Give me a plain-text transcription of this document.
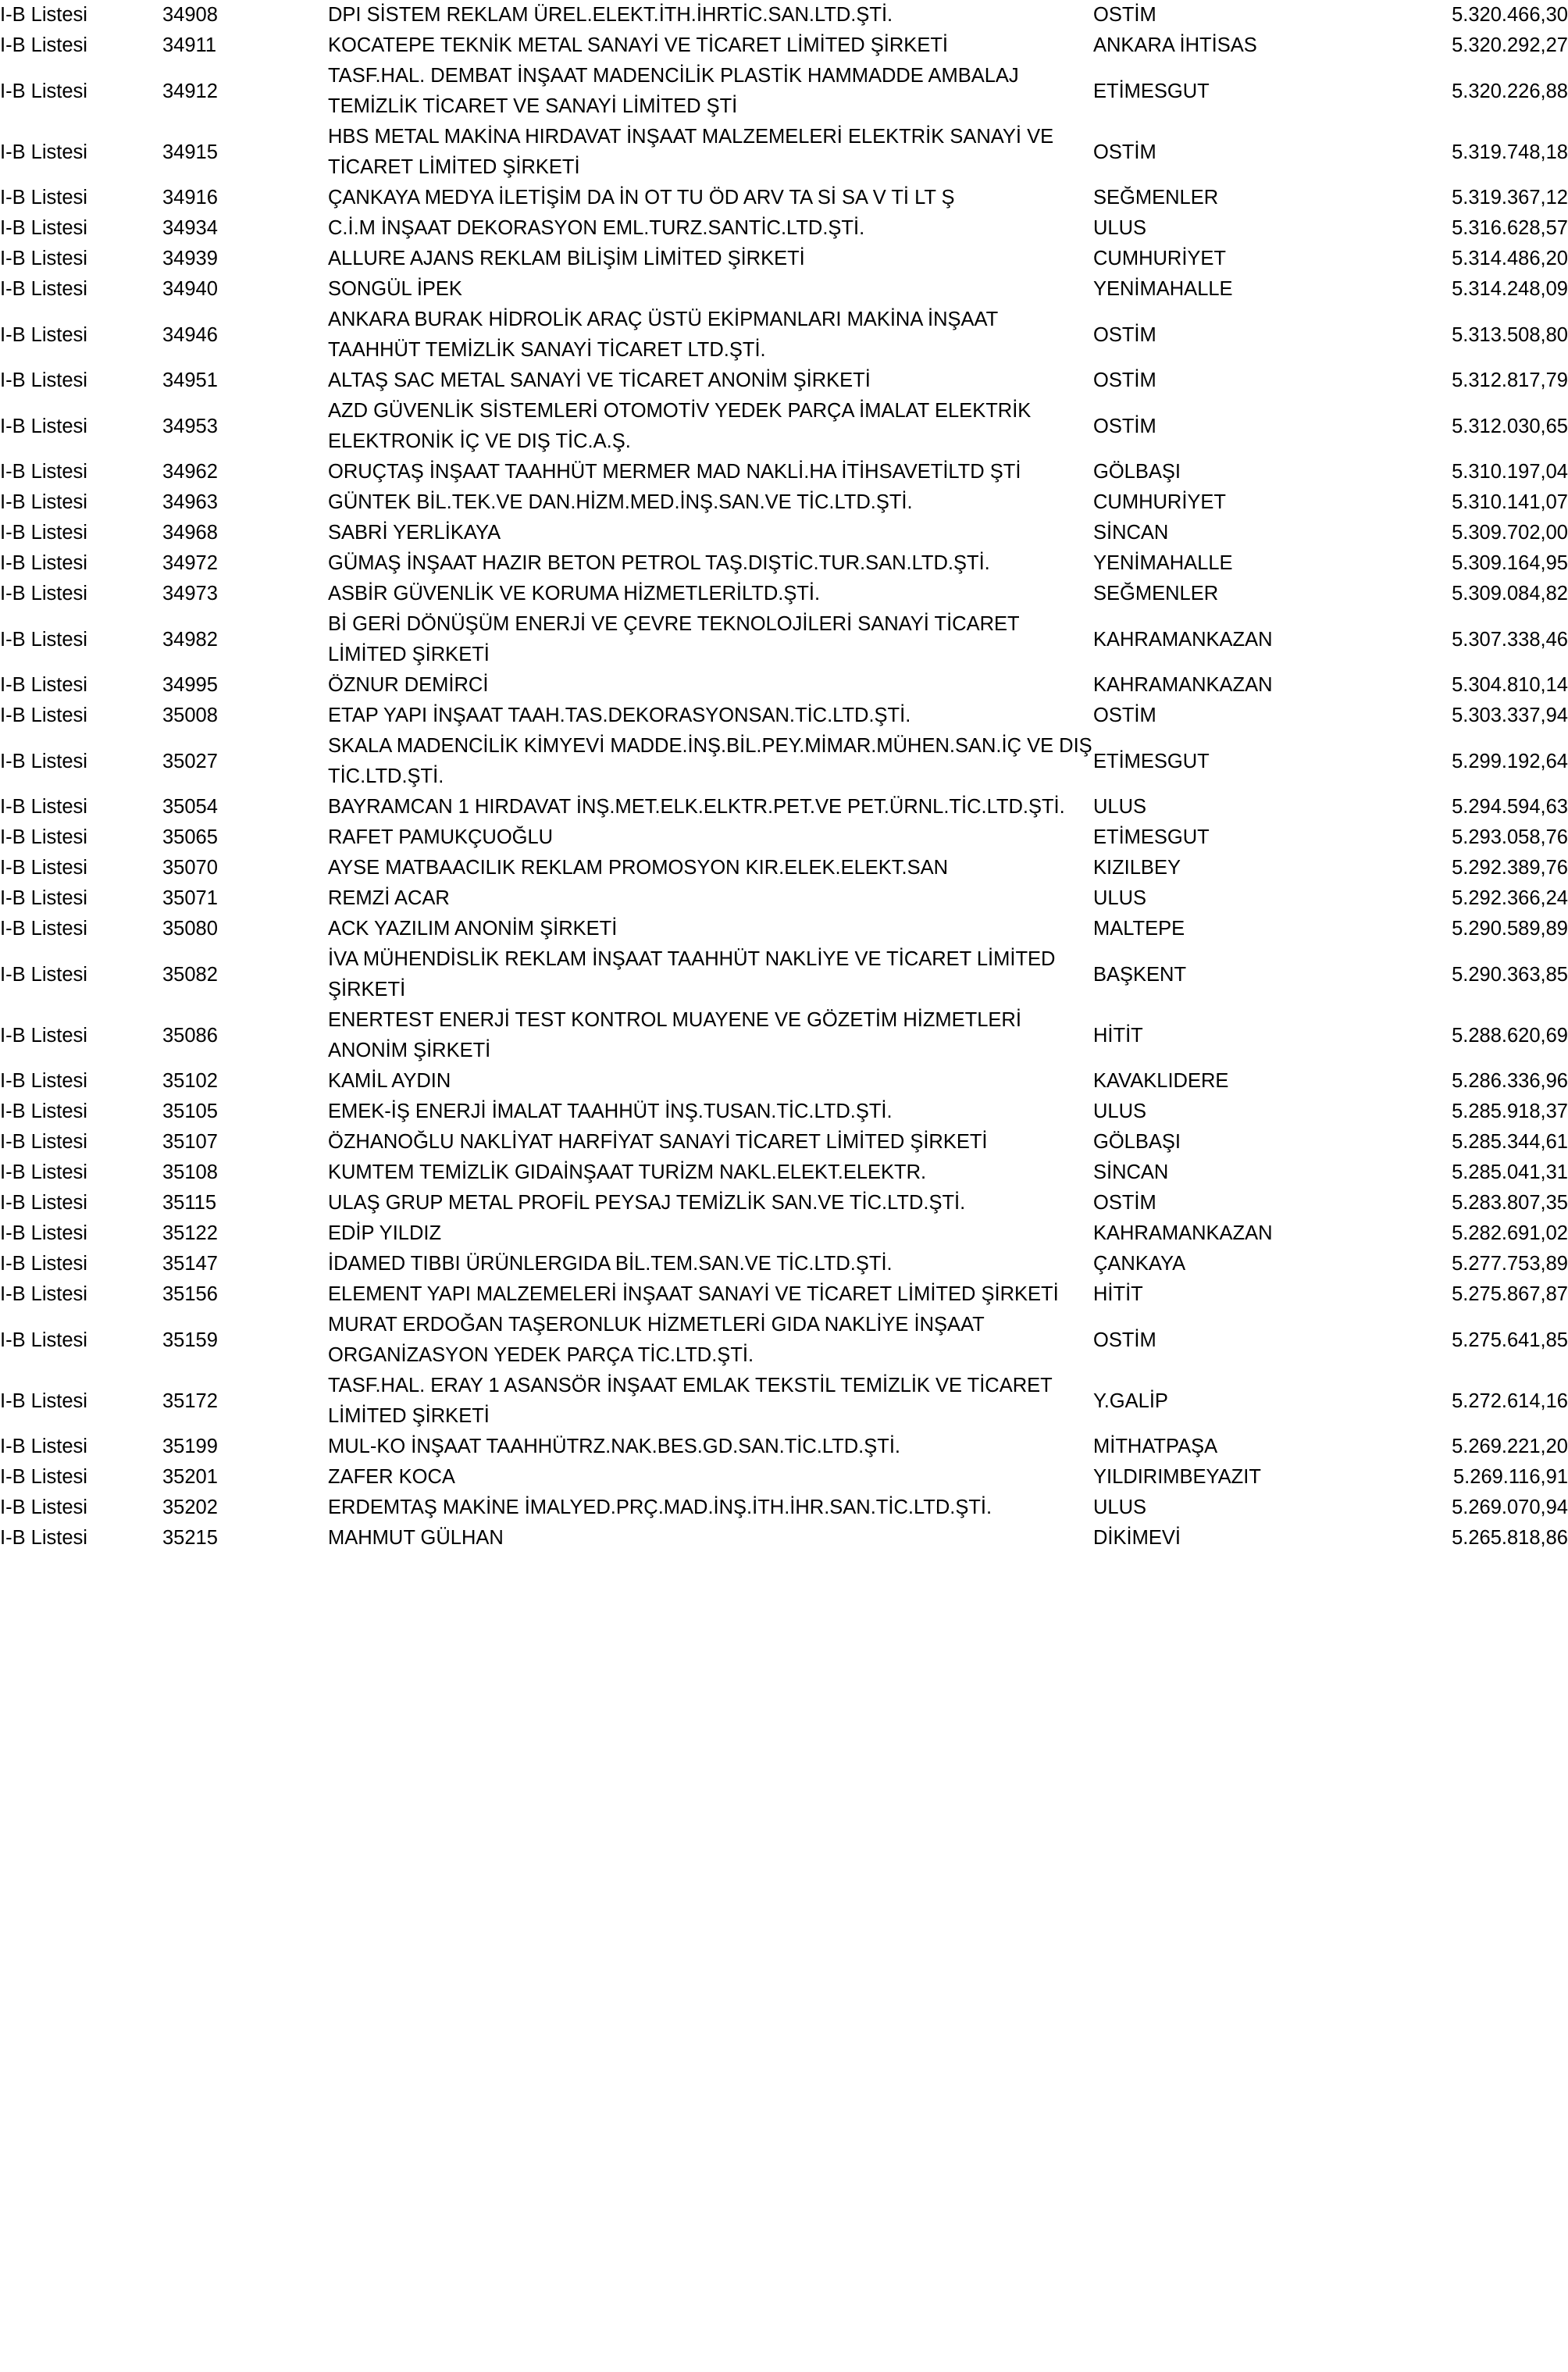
I-B Listesi	34908	DPI SİSTEM REKLAM ÜREL.ELEKT.İTH.İHRTİC.SAN.LTD.ŞTİ.	OSTİM	5.320.466,30
I-B Listesi	34911	KOCATEPE TEKNİK METAL SANAYİ VE TİCARET LİMİTED ŞİRKETİ	ANKARA İHTİSAS	5.320.292,27
I-B Listesi	34912	TASF.HAL. DEMBAT İNŞAAT MADENCİLİK PLASTİK HAMMADDE AMBALAJ TEMİZLİK TİCARET VE SANAYİ LİMİTED ŞTİ	ETİMESGUT	5.320.226,88
I-B Listesi	34915	HBS METAL MAKİNA HIRDAVAT İNŞAAT MALZEMELERİ ELEKTRİK SANAYİ VE TİCARET LİMİTED ŞİRKETİ	OSTİM	5.319.748,18
I-B Listesi	34916	ÇANKAYA MEDYA İLETİŞİM DA İN OT TU ÖD ARV TA Sİ SA V Tİ LT Ş	SEĞMENLER	5.319.367,12
I-B Listesi	34934	C.İ.M İNŞAAT DEKORASYON EML.TURZ.SANTİC.LTD.ŞTİ.	ULUS	5.316.628,57
I-B Listesi	34939	ALLURE AJANS REKLAM BİLİŞİM LİMİTED ŞİRKETİ	CUMHURİYET	5.314.486,20
I-B Listesi	34940	SONGÜL İPEK	YENİMAHALLE	5.314.248,09
I-B Listesi	34946	ANKARA BURAK HİDROLİK ARAÇ ÜSTÜ EKİPMANLARI MAKİNA İNŞAAT TAAHHÜT TEMİZLİK SANAYİ TİCARET LTD.ŞTİ.	OSTİM	5.313.508,80
I-B Listesi	34951	ALTAŞ SAC METAL SANAYİ VE TİCARET ANONİM ŞİRKETİ	OSTİM	5.312.817,79
I-B Listesi	34953	AZD GÜVENLİK SİSTEMLERİ OTOMOTİV YEDEK PARÇA İMALAT ELEKTRİK ELEKTRONİK İÇ VE DIŞ TİC.A.Ş.	OSTİM	5.312.030,65
I-B Listesi	34962	ORUÇTAŞ İNŞAAT TAAHHÜT MERMER MAD NAKLİ.HA İTİHSAVETİLTD ŞTİ	GÖLBAŞI	5.310.197,04
I-B Listesi	34963	GÜNTEK BİL.TEK.VE DAN.HİZM.MED.İNŞ.SAN.VE TİC.LTD.ŞTİ.	CUMHURİYET	5.310.141,07
I-B Listesi	34968	SABRİ YERLİKAYA	SİNCAN	5.309.702,00
I-B Listesi	34972	GÜMAŞ İNŞAAT HAZIR BETON PETROL TAŞ.DIŞTİC.TUR.SAN.LTD.ŞTİ.	YENİMAHALLE	5.309.164,95
I-B Listesi	34973	ASBİR GÜVENLİK VE KORUMA HİZMETLERİLTD.ŞTİ.	SEĞMENLER	5.309.084,82
I-B Listesi	34982	Bİ GERİ DÖNÜŞÜM ENERJİ VE ÇEVRE TEKNOLOJİLERİ SANAYİ TİCARET LİMİTED ŞİRKETİ	KAHRAMANKAZAN	5.307.338,46
I-B Listesi	34995	ÖZNUR DEMİRCİ	KAHRAMANKAZAN	5.304.810,14
I-B Listesi	35008	ETAP YAPI İNŞAAT TAAH.TAS.DEKORASYONSAN.TİC.LTD.ŞTİ.	OSTİM	5.303.337,94
I-B Listesi	35027	SKALA MADENCİLİK KİMYEVİ MADDE.İNŞ.BİL.PEY.MİMAR.MÜHEN.SAN.İÇ VE DIŞ TİC.LTD.ŞTİ.	ETİMESGUT	5.299.192,64
I-B Listesi	35054	BAYRAMCAN 1 HIRDAVAT İNŞ.MET.ELK.ELKTR.PET.VE PET.ÜRNL.TİC.LTD.ŞTİ.	ULUS	5.294.594,63
I-B Listesi	35065	RAFET PAMUKÇUOĞLU	ETİMESGUT	5.293.058,76
I-B Listesi	35070	AYSE MATBAACILIK REKLAM PROMOSYON KIR.ELEK.ELEKT.SAN	KIZILBEY	5.292.389,76
I-B Listesi	35071	REMZİ ACAR	ULUS	5.292.366,24
I-B Listesi	35080	ACK YAZILIM ANONİM ŞİRKETİ	MALTEPE	5.290.589,89
I-B Listesi	35082	İVA MÜHENDİSLİK REKLAM İNŞAAT TAAHHÜT NAKLİYE VE TİCARET LİMİTED ŞİRKETİ	BAŞKENT	5.290.363,85
I-B Listesi	35086	ENERTEST ENERJİ TEST KONTROL MUAYENE VE GÖZETİM HİZMETLERİ ANONİM ŞİRKETİ	HİTİT	5.288.620,69
I-B Listesi	35102	KAMİL AYDIN	KAVAKLIDERE	5.286.336,96
I-B Listesi	35105	EMEK-İŞ ENERJİ İMALAT TAAHHÜT İNŞ.TUSAN.TİC.LTD.ŞTİ.	ULUS	5.285.918,37
I-B Listesi	35107	ÖZHANOĞLU NAKLİYAT HARFİYAT SANAYİ TİCARET LİMİTED ŞİRKETİ	GÖLBAŞI	5.285.344,61
I-B Listesi	35108	KUMTEM TEMİZLİK GIDAİNŞAAT TURİZM NAKL.ELEKT.ELEKTR.	SİNCAN	5.285.041,31
I-B Listesi	35115	ULAŞ GRUP METAL PROFİL PEYSAJ TEMİZLİK SAN.VE TİC.LTD.ŞTİ.	OSTİM	5.283.807,35
I-B Listesi	35122	EDİP YILDIZ	KAHRAMANKAZAN	5.282.691,02
I-B Listesi	35147	İDAMED TIBBI ÜRÜNLERGIDA BİL.TEM.SAN.VE TİC.LTD.ŞTİ.	ÇANKAYA	5.277.753,89
I-B Listesi	35156	ELEMENT YAPI MALZEMELERİ İNŞAAT SANAYİ VE TİCARET LİMİTED ŞİRKETİ	HİTİT	5.275.867,87
I-B Listesi	35159	MURAT ERDOĞAN TAŞERONLUK HİZMETLERİ GIDA NAKLİYE İNŞAAT ORGANİZASYON YEDEK PARÇA TİC.LTD.ŞTİ.	OSTİM	5.275.641,85
I-B Listesi	35172	TASF.HAL. ERAY 1 ASANSÖR İNŞAAT EMLAK TEKSTİL TEMİZLİK VE TİCARET LİMİTED ŞİRKETİ	Y.GALİP	5.272.614,16
I-B Listesi	35199	MUL-KO İNŞAAT TAAHHÜTRZ.NAK.BES.GD.SAN.TİC.LTD.ŞTİ.	MİTHATPAŞA	5.269.221,20
I-B Listesi	35201	ZAFER KOCA	YILDIRIMBEYAZIT	5.269.116,91
I-B Listesi	35202	ERDEMTAŞ MAKİNE İMALYED.PRÇ.MAD.İNŞ.İTH.İHR.SAN.TİC.LTD.ŞTİ.	ULUS	5.269.070,94
I-B Listesi	35215	MAHMUT GÜLHAN	DİKİMEVİ	5.265.818,86
